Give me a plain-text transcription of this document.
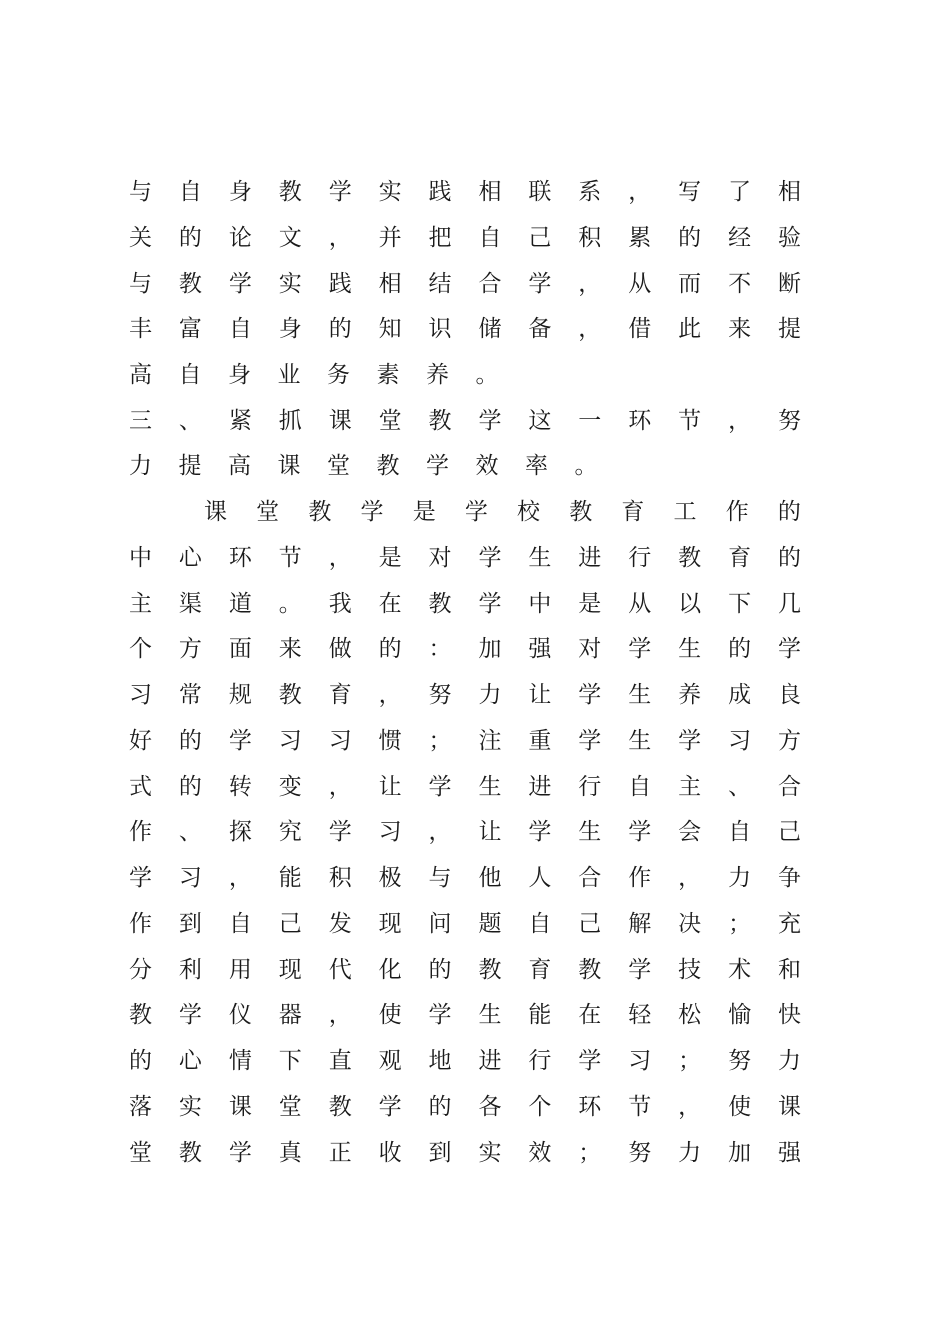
与 自 身 教 学 实 践 相 联 系 ， 写 了 相
关 的 论 文 ， 并 把 自 己 积 累 的 经 验
与 教 学 实 践 相 结 合 学 ， 从 而 不 断
丰 富 自 身 的 知 识 储 备 ， 借 此 来 提
高自身业务素养。
三 、 紧 抓 课 堂 教 学 这 一 环 节 ， 努
力提高课堂教学效率。
课 堂 教 学 是 学 校 教 育 工 作 的
中 心 环 节 ， 是 对 学 生 进 行 教 育 的
主 渠 道 。 我 在 教 学 中 是 从 以 下 几
个 方 面 来 做 的 ： 加 强 对 学 生 的 学
习 常 规 教 育 ， 努 力 让 学 生 养 成 良
好 的 学 习 习 惯 ； 注 重 学 生 学 习 方
式 的 转 变 ， 让 学 生 进 行 自 主 、 合
作 、 探 究 学 习 ， 让 学 生 学 会 自 己
学 习 ， 能 积 极 与 他 人 合 作 ， 力 争
作 到 自 己 发 现 问 题 自 己 解 决 ； 充
分 利 用 现 代 化 的 教 育 教 学 技 术 和
教 学 仪 器 ， 使 学 生 能 在 轻 松 愉 快
的 心 情 下 直 观 地 进 行 学 习 ； 努 力
落 实 课 堂 教 学 的 各 个 环 节 ， 使 课
堂 教 学 真 正 收 到 实 效 ； 努 力 加 强
